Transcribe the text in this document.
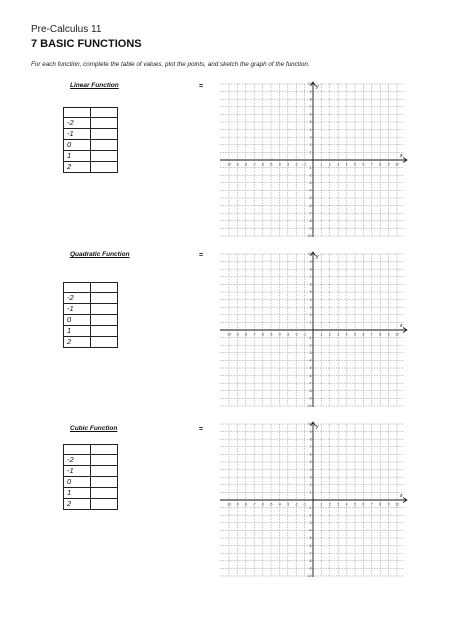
Pre-Calculus 11
7 BASIC FUNCTIONS
For each function, complete the table of values, plot the points, and sketch the graph of the function.
Linear Function	=

-2	
-1	
0	
1	
2	
x
y
-10
-10
-9
-9
-8
-8
-7
-7
-6
-6
-5
-5
-4
-4
-3
-3
-2
-2
-1
-1
1
1
2
2
3
3
4
4
5
5
6
6
7
7
8
8
9
9
10
10
Quadratic Function	=

-2	
-1	
0	
1	
2	
x
y
-10
-10
-9
-9
-8
-8
-7
-7
-6
-6
-5
-5
-4
-4
-3
-3
-2
-2
-1
-1
1
1
2
2
3
3
4
4
5
5
6
6
7
7
8
8
9
9
10
10
Cubic Function	=

-2	
-1	
0	
1	
2	
x
y
-10
-10
-9
-9
-8
-8
-7
-7
-6
-6
-5
-5
-4
-4
-3
-3
-2
-2
-1
-1
1
1
2
2
3
3
4
4
5
5
6
6
7
7
8
8
9
9
10
10
